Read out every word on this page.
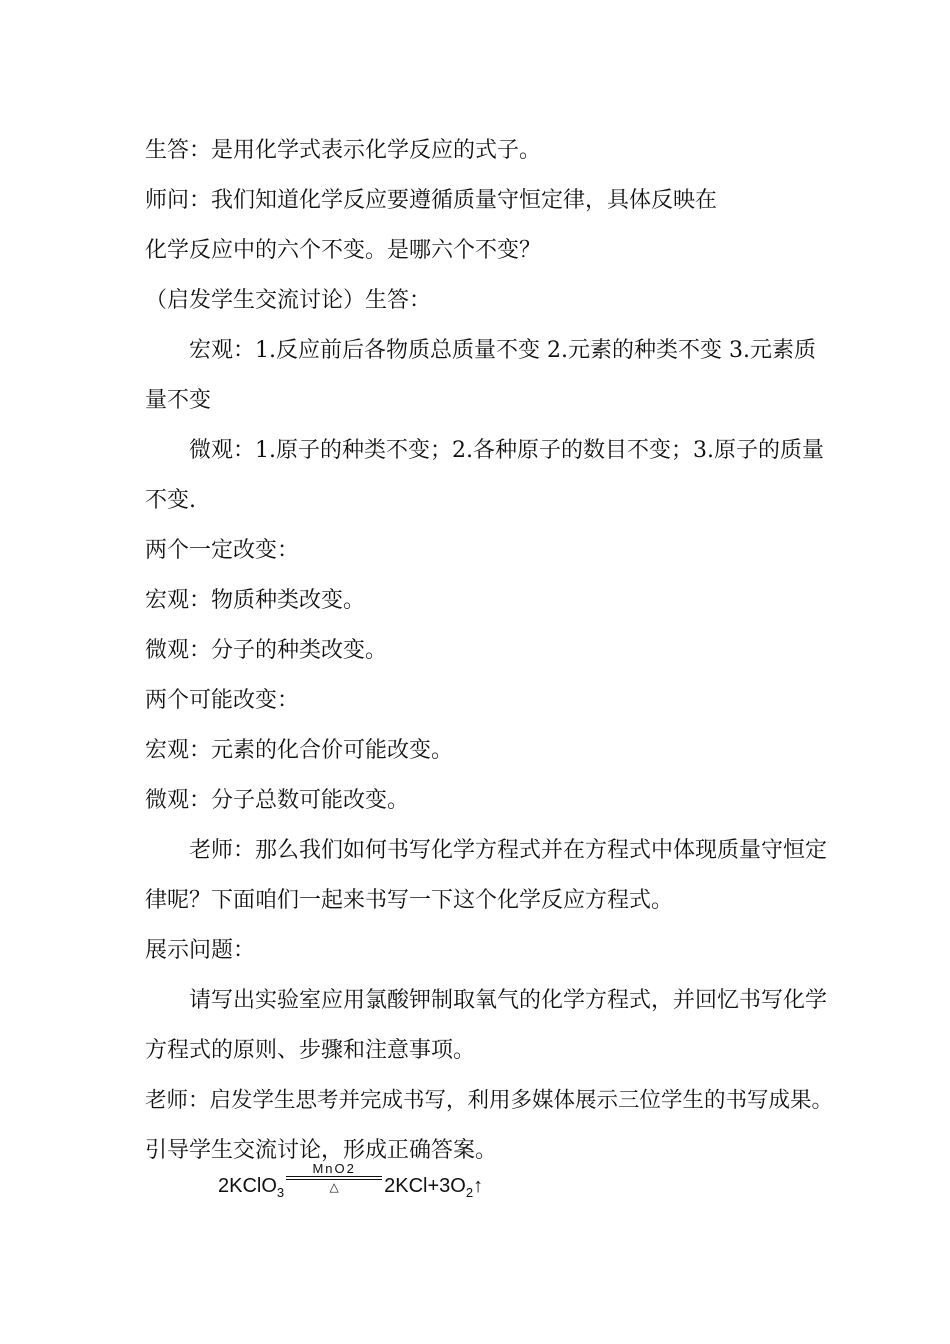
生答：是用化学式表示化学反应的式子。
师问：我们知道化学反应要遵循质量守恒定律，具体反映在
化学反应中的六个不变。是哪六个不变？
（启发学生交流讨论）生答：
宏观：1.反应前后各物质总质量不变 2.元素的种类不变 3.元素质
量不变
微观：1.原子的种类不变；2.各种原子的数目不变；3.原子的质量
不变.
两个一定改变：
宏观：物质种类改变。
微观：分子的种类改变。
两个可能改变：
宏观：元素的化合价可能改变。
微观：分子总数可能改变。
老师：那么我们如何书写化学方程式并在方程式中体现质量守恒定
律呢？下面咱们一起来书写一下这个化学反应方程式。
展示问题：
请写出实验室应用氯酸钾制取氧气的化学方程式，并回忆书写化学
方程式的原则、步骤和注意事项。
老师：启发学生思考并完成书写，利用多媒体展示三位学生的书写成果。
引导学生交流讨论，形成正确答案。
2KClO$_3$
MnO2
△ $2KCl+3O_2↑$
